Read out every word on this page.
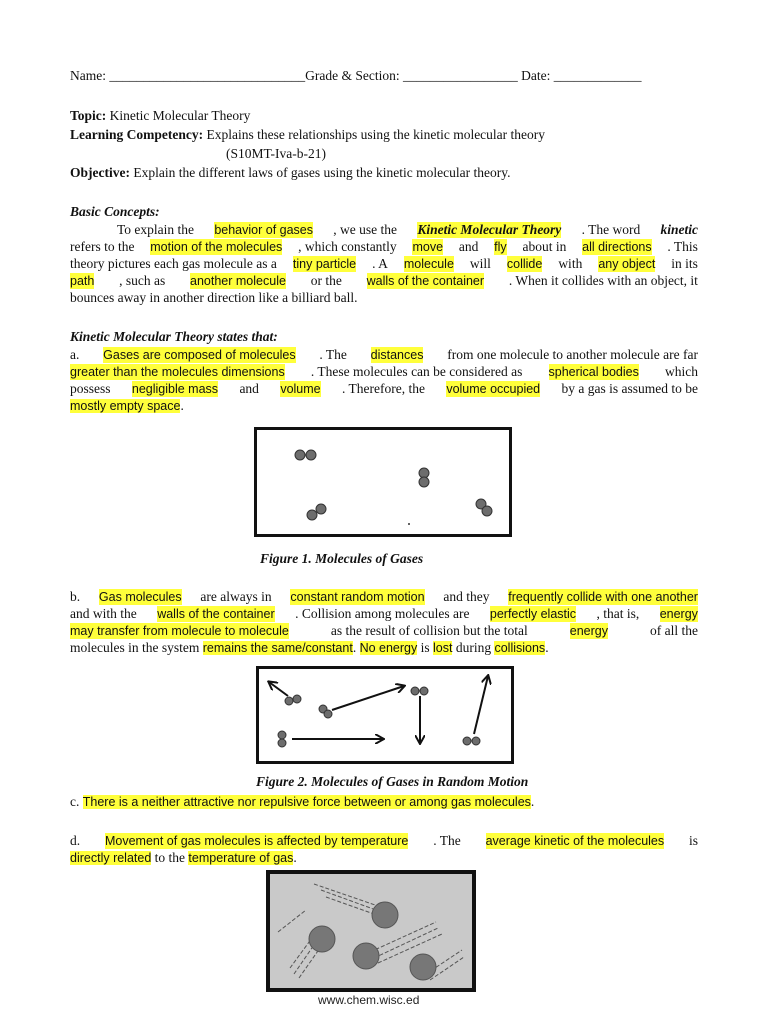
Name: _____________________________Grade & Section: _________________ Date: _____________
Topic: Kinetic Molecular Theory
Learning Competency: Explains these relationships using the kinetic molecular theory
(S10MT-Iva-b-21)
Objective: Explain the different laws of gases using the kinetic molecular theory.
Basic Concepts:
To explain the behavior of gases , we use the Kinetic Molecular Theory . The word kinetic
refers to the motion of the molecules , which constantly move and fly about in all directions . This
theory pictures each gas molecule as a tiny particle . A molecule will collide with any object in its
path , such as another molecule or the walls of the container . When it collides with an object, it
bounces away in another direction like a billiard ball.
Kinetic Molecular Theory states that:
a. Gases are composed of molecules . The distances from one molecule to another molecule are far
greater than the molecules dimensions . These molecules can be considered as spherical bodies which
possess negligible mass and volume . Therefore, the volume occupied by a gas is assumed to be
mostly empty space.
Figure 1. Molecules of Gases
b. Gas molecules are always in constant random motion and they frequently collide with one another
and with the walls of the container . Collision among molecules are perfectly elastic , that is, energy
may transfer from molecule to molecule	as the result of collision but the total	energy	of all the
molecules in the system remains the same/constant. No energy is lost during collisions.
Figure 2. Molecules of Gases in Random Motion
c. There is a neither attractive nor repulsive force between or among gas molecules.
d. Movement of gas molecules is affected by temperature . The average kinetic of the molecules is
directly related to the temperature of gas.
www.chem.wisc.ed
